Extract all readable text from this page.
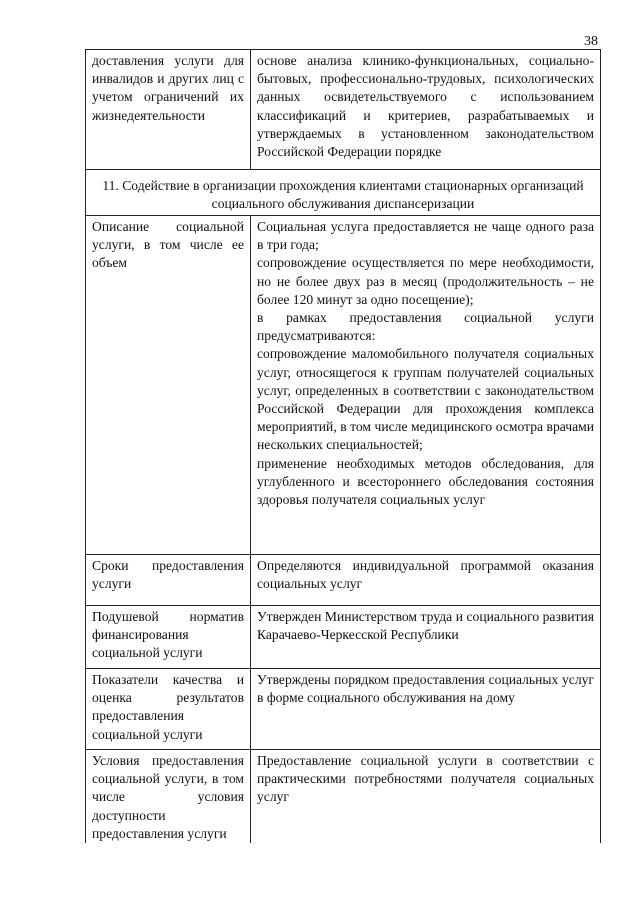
38
доставления услуги для инвалидов и других лиц с учетом ограничений их жизнедеятельности	основе анализа клинико-функциональных, социально-бытовых, профессионально-трудовых, психологических данных освидетельствуемого с использованием классификаций и критериев, разрабатываемых и утверждаемых в установленном законодательством Российской Федерации порядке

11. Содействие в организации прохождения клиентами стационарных организаций социального обслуживания диспансеризации	
Описание социальной услуги, в том числе ее объем	Социальная услуга предоставляется не чаще одного раза в три года;
сопровождение осуществляется по мере необходимости, но не более двух раз в месяц (продолжительность – не более 120 минут за одно посещение);
в рамках предоставления социальной услуги предусматриваются:
сопровождение маломобильного получателя социальных услуг, относящегося к группам получателей социальных услуг, определенных в соответствии с законодательством Российской Федерации для прохождения комплекса мероприятий, в том числе медицинского осмотра врачами нескольких специальностей;
применение необходимых методов обследования, для углубленного и всестороннего обследования состояния здоровья получателя социальных услуг

Сроки предоставления услуги	Определяются индивидуальной программой оказания социальных услуг

Подушевой норматив финансирования социальной услуги	Утвержден Министерством труда и социального развития Карачаево-Черкесской Республики

Показатели качества и оценка результатов предоставления социальной услуги	Утверждены порядком предоставления социальных услуг в форме социального обслуживания на дому

Условия предоставления социальной услуги, в том числе условия доступности предоставления услуги	Предоставление социальной услуги в соответствии с практическими потребностями получателя социальных услуг
